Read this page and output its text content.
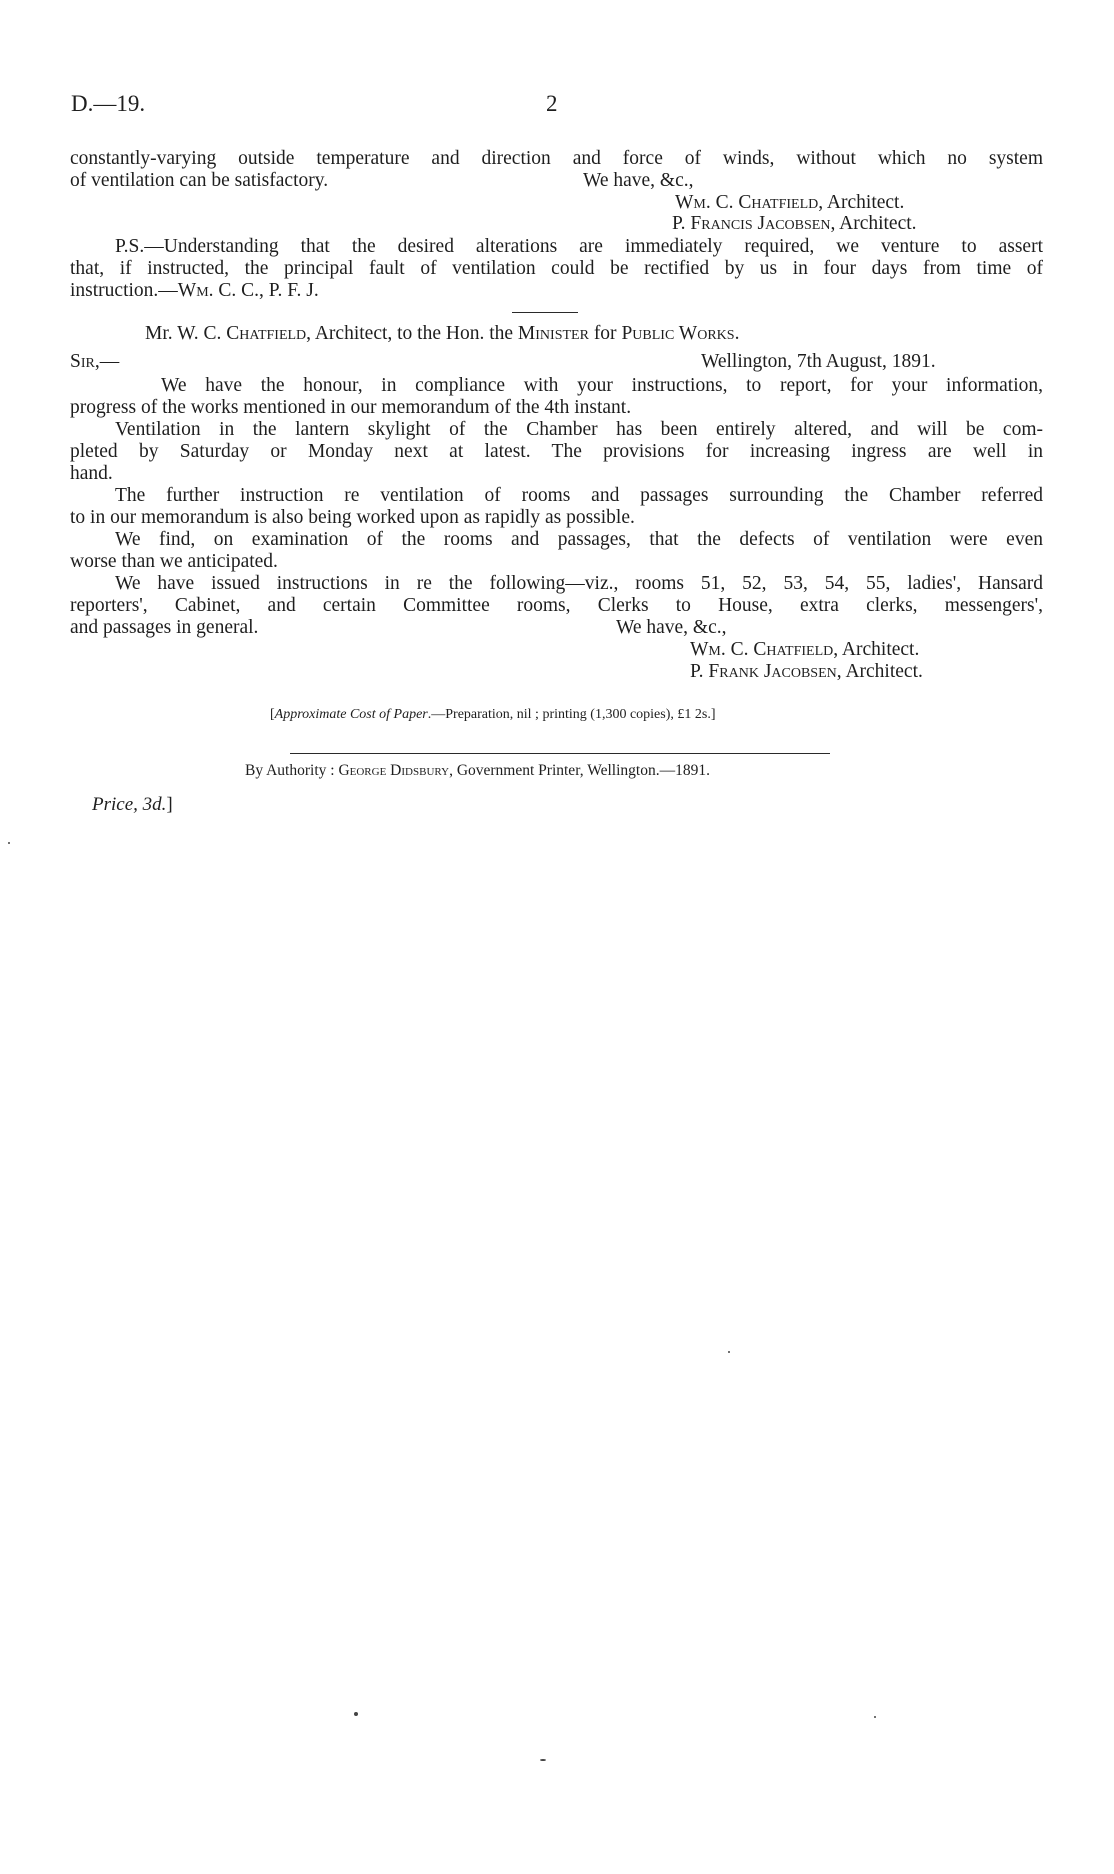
D.—19.	2
constantly-varying outside temperature and direction and force of winds, without which no system
of ventilation can be satisfactory.	We have, &c.,
Wm. C. Chatfield, Architect.
P. Francis Jacobsen, Architect.
P.S.—Understanding that the desired alterations are immediately required, we venture to assert
that, if instructed, the principal fault of ventilation could be rectified by us in four days from time of
instruction.—Wm. C. C., P. F. J.
Mr. W. C. Chatfield, Architect, to the Hon. the Minister for Public Works.
Sir,—	Wellington, 7th August, 1891.
We have the honour, in compliance with your instructions, to report, for your information,
progress of the works mentioned in our memorandum of the 4th instant.
Ventilation in the lantern skylight of the Chamber has been entirely altered, and will be com-
pleted by Saturday or Monday next at latest. The provisions for increasing ingress are well in
hand.
The further instruction re ventilation of rooms and passages surrounding the Chamber referred
to in our memorandum is also being worked upon as rapidly as possible.
We find, on examination of the rooms and passages, that the defects of ventilation were even
worse than we anticipated.
We have issued instructions in re the following—viz., rooms 51, 52, 53, 54, 55, ladies', Hansard
reporters', Cabinet, and certain Committee rooms, Clerks to House, extra clerks, messengers',
and passages in general.	We have, &c.,
Wm. C. Chatfield, Architect.
P. Frank Jacobsen, Architect.
[Approximate Cost of Paper.—Preparation, nil ; printing (1,300 copies), £1 2s.]
By Authority : George Didsbury, Government Printer, Wellington.—1891.
Price, 3d.]
